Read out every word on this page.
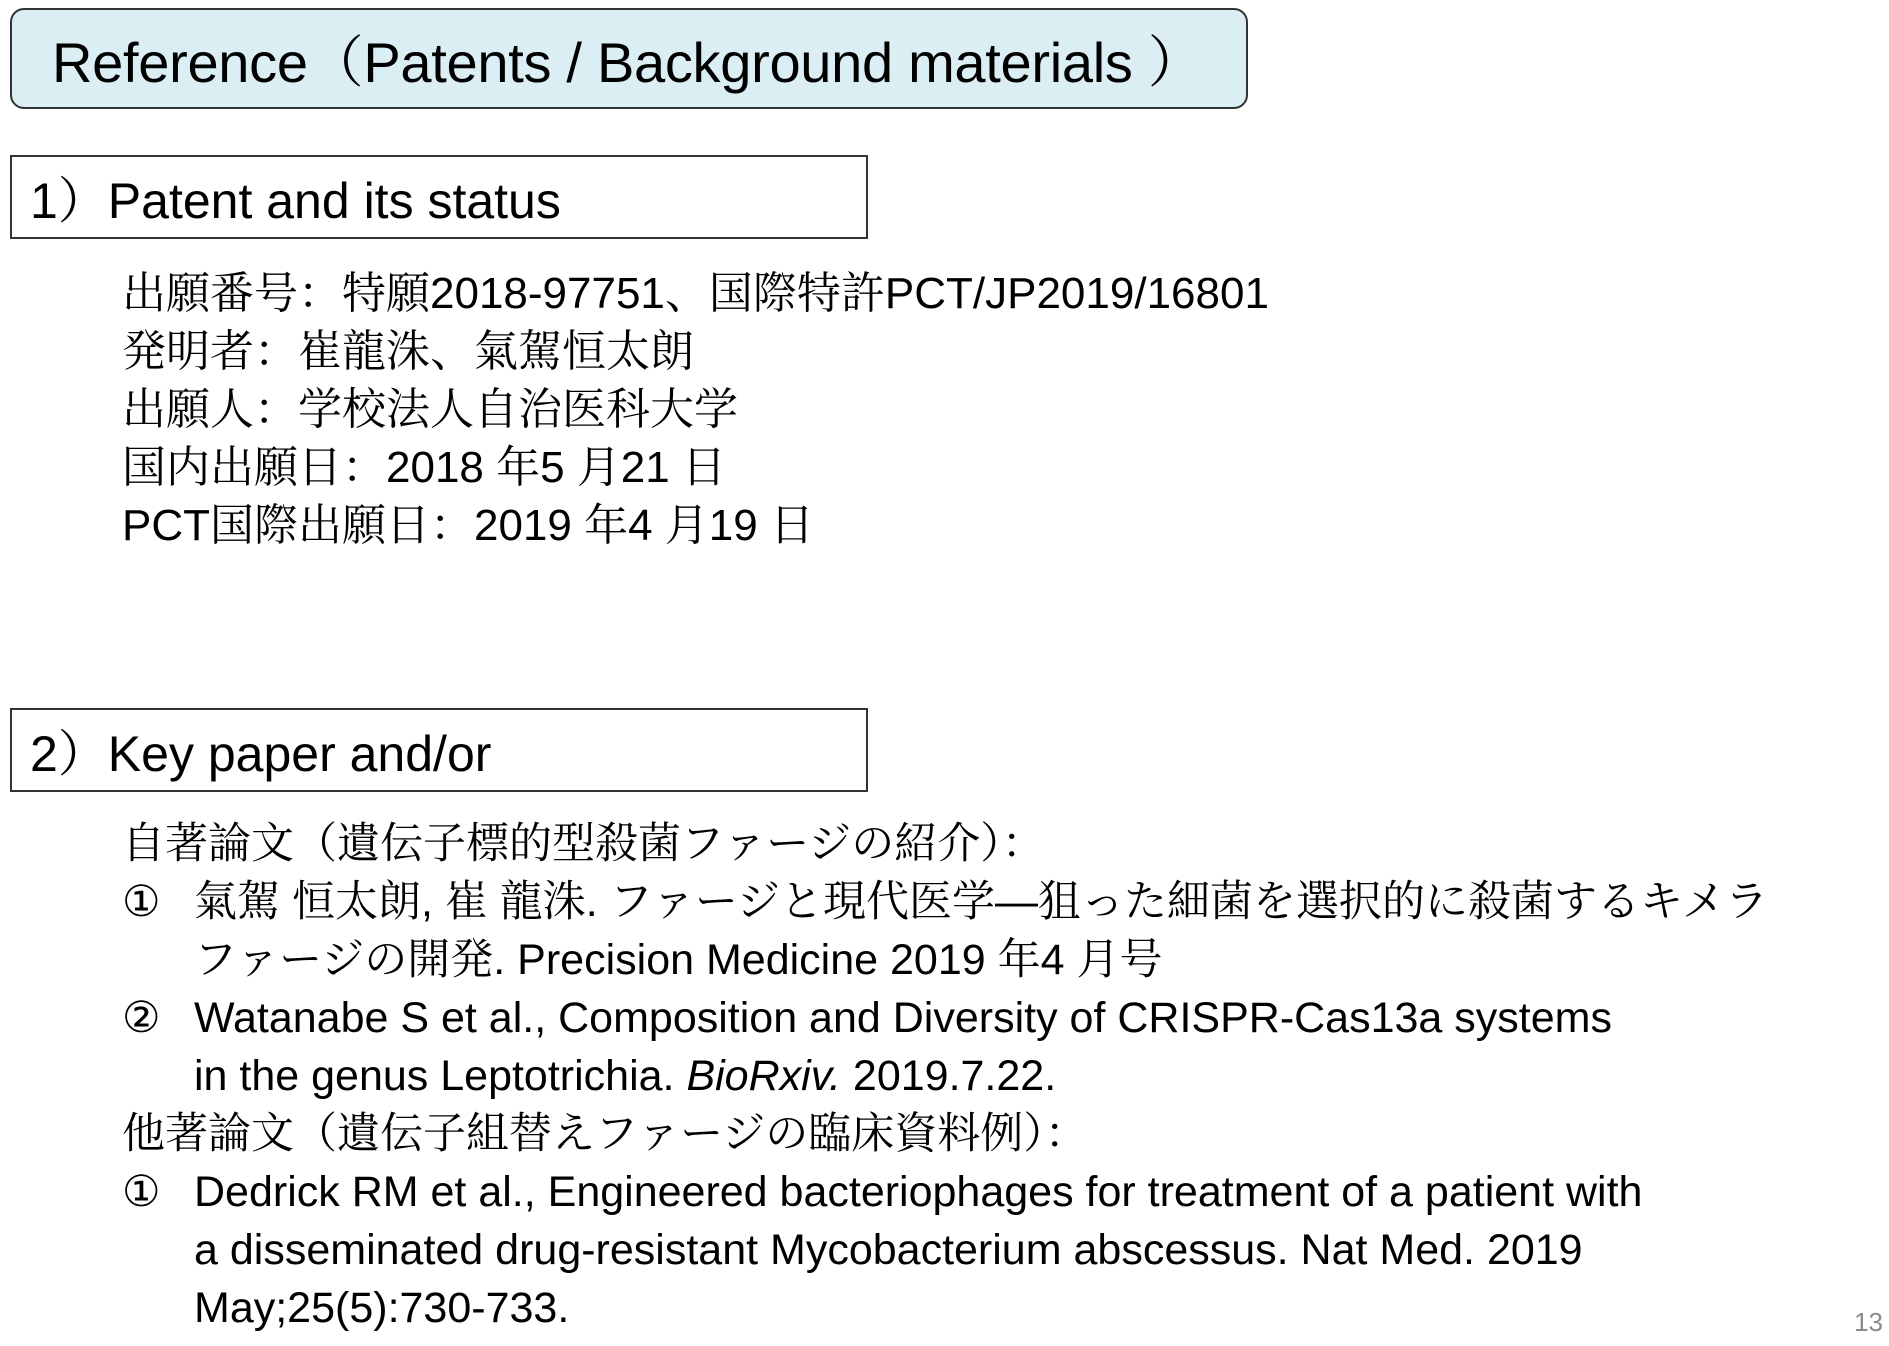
Reference（Patents / Background materials ）
1）Patent and its status
出願番号：特願2018-97751、国際特許PCT/JP2019/16801
発明者：崔龍洙、氣駕恒太朗
出願人：学校法人自治医科大学
国内出願日：2018 年5 月21 日
PCT国際出願日：2019 年4 月19 日
2）Key paper and/or
自著論文（遺伝子標的型殺菌ファージの紹介）：
① 氣駕 恒太朗, 崔 龍洙. ファージと現代医学—狙った細菌を選択的に殺菌するキメラ
ファージの開発. Precision Medicine 2019 年4 月号
② Watanabe S et al., Composition and Diversity of CRISPR-Cas13a systems
in the genus Leptotrichia. BioRxiv. 2019.7.22.
他著論文（遺伝子組替えファージの臨床資料例）：
① Dedrick RM et al., Engineered bacteriophages for treatment of a patient with
a disseminated drug-resistant Mycobacterium abscessus. Nat Med. 2019
May;25(5):730-733.	13
